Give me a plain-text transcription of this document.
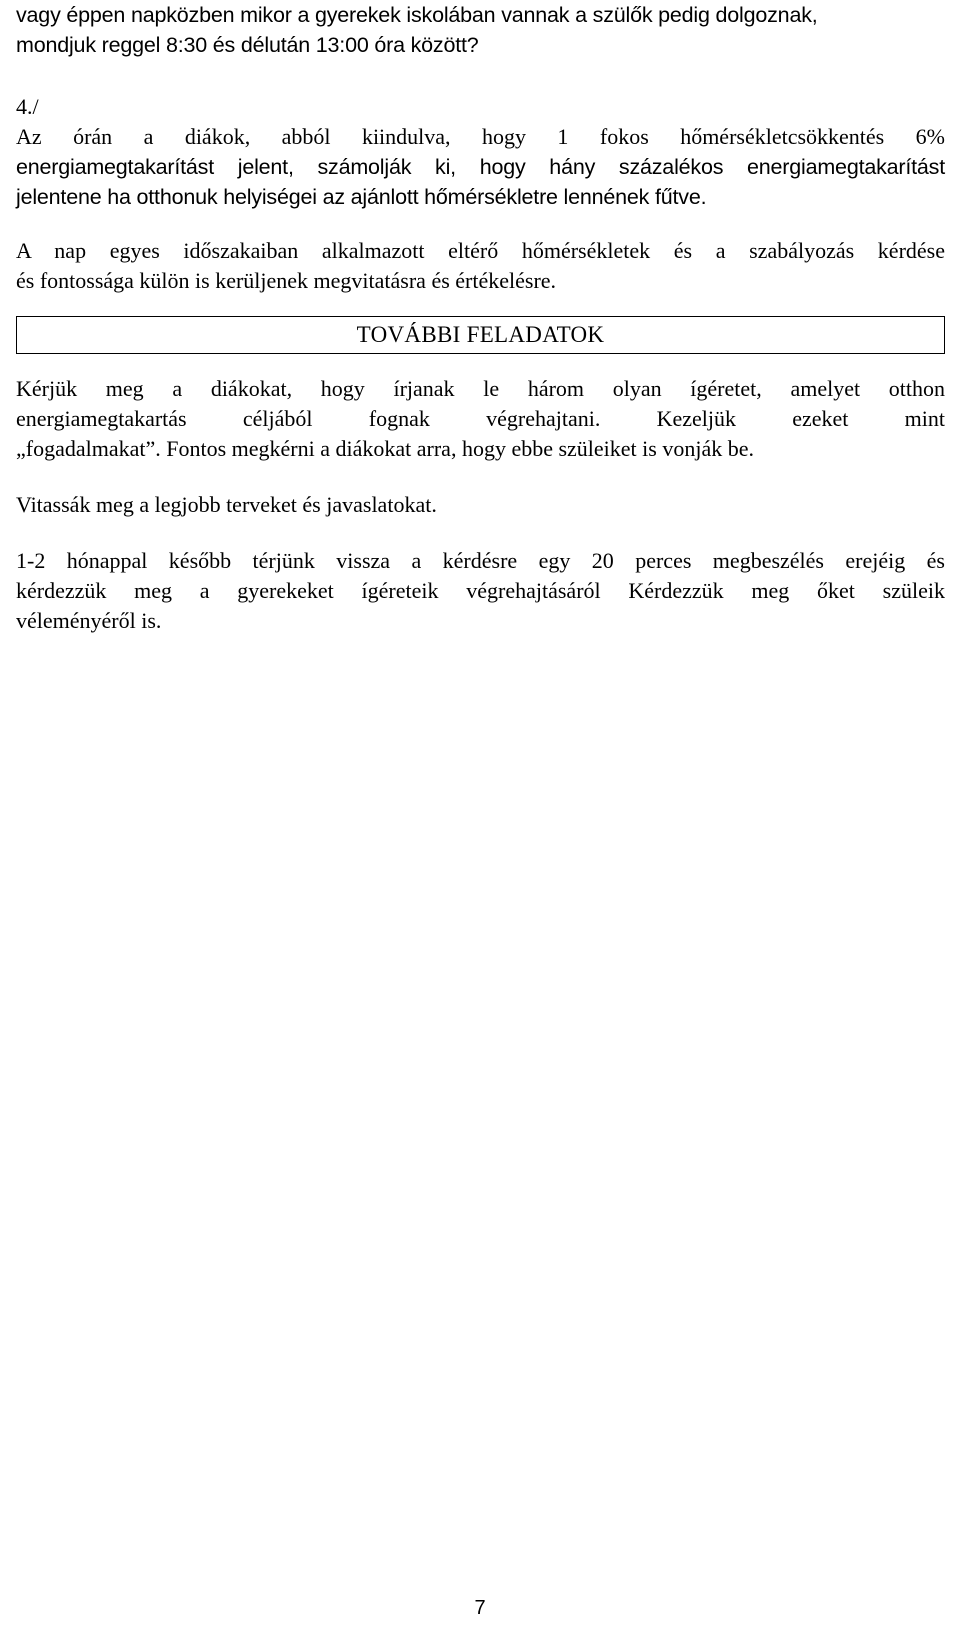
vagy éppen napközben mikor a gyerekek iskolában vannak a szülők pedig dolgoznak,
mondjuk reggel 8:30 és délután 13:00 óra között?

4./

Az órán a diákok, abból kiindulva, hogy 1 fokos hőmérsékletcsökkentés 6%
energiamegtakarítást jelent, számolják ki, hogy hány százalékos energiamegtakarítást
jelentene ha otthonuk helyiségei az ajánlott hőmérsékletre lennének fűtve.

A nap egyes időszakaiban alkalmazott eltérő hőmérsékletek és a szabályozás kérdése
és fontossága külön is kerüljenek megvitatásra és értékelésre.

TOVÁBBI FELADATOK

Kérjük meg a diákokat, hogy írjanak le három olyan ígéretet, amelyet otthon
energiamegtakartás céljából fognak végrehajtani. Kezeljük ezeket mint
„fogadalmakat”. Fontos megkérni a diákokat arra, hogy ebbe szüleiket is vonják be.

Vitassák meg a legjobb terveket és javaslatokat.

1-2 hónappal később térjünk vissza a kérdésre egy 20 perces megbeszélés erejéig és
kérdezzük meg a gyerekeket ígéreteik végrehajtásáról Kérdezzük meg őket szüleik
véleményéről is.

7
